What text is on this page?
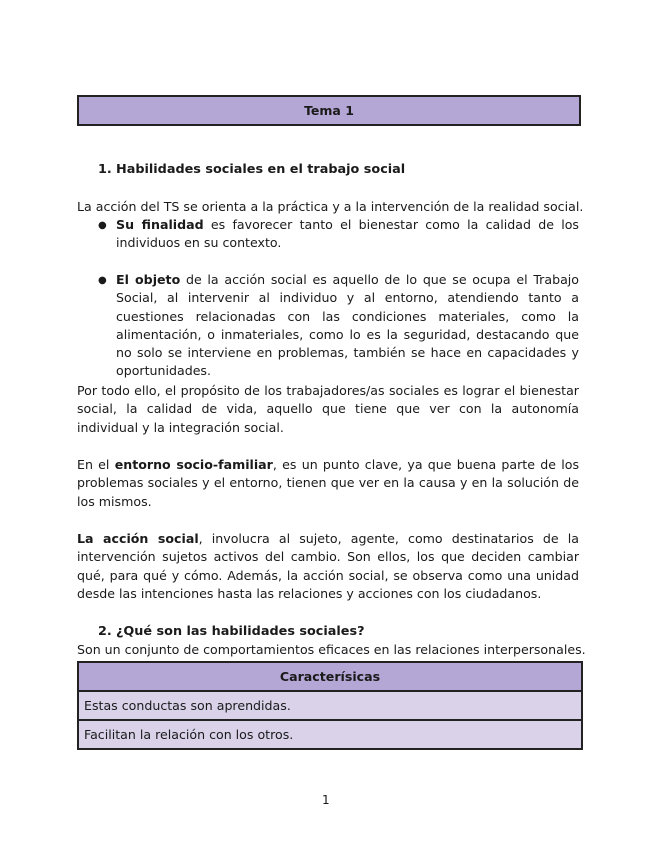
Tema 1
1. Habilidades sociales en el trabajo social
La acción del TS se orienta a la práctica y a la intervención de la realidad social.
● Su finalidad es favorecer tanto el bienestar como la calidad de los individuos en su contexto.
● El objeto de la acción social es aquello de lo que se ocupa el Trabajo Social, al intervenir al individuo y al entorno, atendiendo tanto a cuestiones relacionadas con las condiciones materiales, como la alimentación, o inmateriales, como lo es la seguridad, destacando que no solo se interviene en problemas, también se hace en capacidades y oportunidades.
Por todo ello, el propósito de los trabajadores/as sociales es lograr el bienestar social, la calidad de vida, aquello que tiene que ver con la autonomía individual y la integración social.
En el entorno socio-familiar, es un punto clave, ya que buena parte de los problemas sociales y el entorno, tienen que ver en la causa y en la solución de los mismos.
La acción social, involucra al sujeto, agente, como destinatarios de la intervención sujetos activos del cambio. Son ellos, los que deciden cambiar qué, para qué y cómo. Además, la acción social, se observa como una unidad desde las intenciones hasta las relaciones y acciones con los ciudadanos.
2. ¿Qué son las habilidades sociales?
Son un conjunto de comportamientos eficaces en las relaciones interpersonales.
Caracterísicas
Estas conductas son aprendidas.
Facilitan la relación con los otros.
1
